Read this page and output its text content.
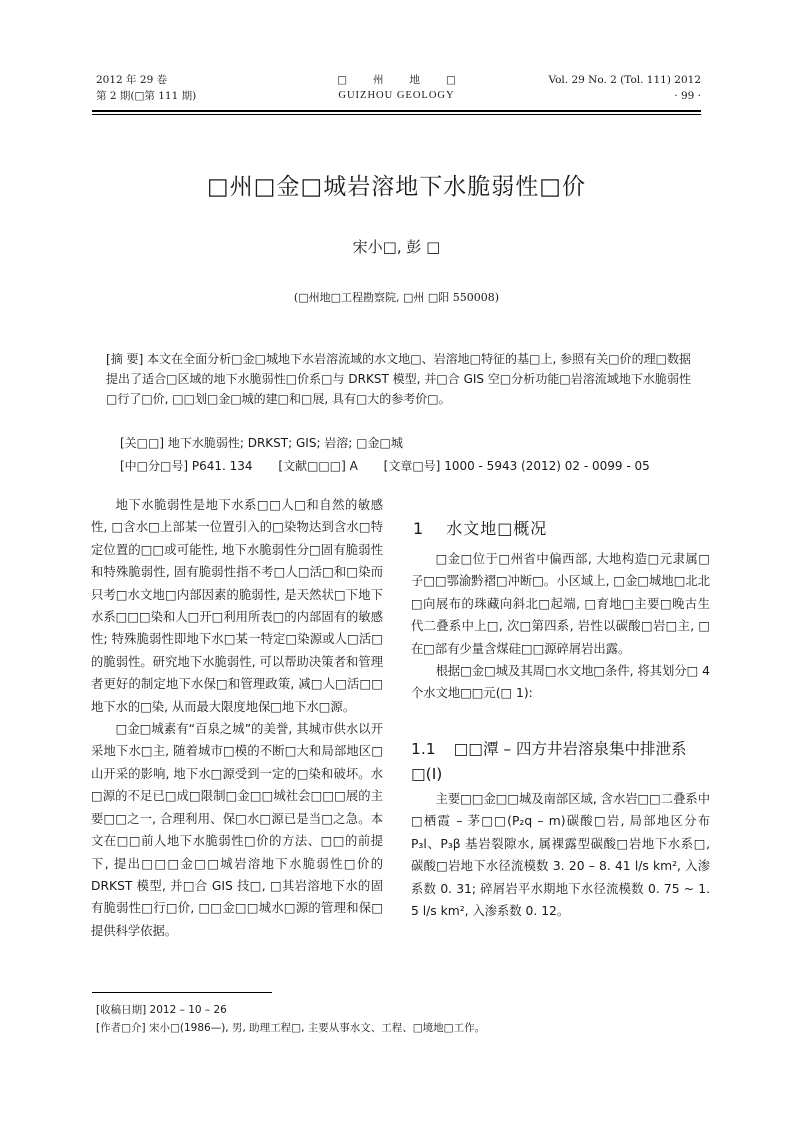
2012 年 29 卷
第 2 期(□第 111 期)
□州地□
GUIZHOU GEOLOGY
Vol. 29 No. 2 (Tol. 111) 2012
· 99 ·
□州□金□城岩溶地下水脆弱性□价
宋小□, 彭 □
(□州地□工程勘察院, □州 □阳 550008)
[摘 要] 本文在全面分析□金□城地下水岩溶流域的水文地□、岩溶地□特征的基□上, 参照有关□价的理□数据提出了适合□区域的地下水脆弱性□价系□与 DRKST 模型, 并□合 GIS 空□分析功能□岩溶流域地下水脆弱性□行了□价, □□划□金□城的建□和□展, 具有□大的参考价□。
[关□□] 地下水脆弱性; DRKST; GIS; 岩溶; □金□城
[中□分□号] P641. 134 [文献□□□] A [文章□号] 1000 - 5943 (2012) 02 - 0099 - 05

地下水脆弱性是地下水系□□人□和自然的敏感性, □含水□上部某一位置引入的□染物达到含水□特定位置的□□或可能性, 地下水脆弱性分□固有脆弱性和特殊脆弱性, 固有脆弱性指不考□人□活□和□染而只考□水文地□内部因素的脆弱性, 是天然状□下地下水系□□□染和人□开□利用所表□的内部固有的敏感性; 特殊脆弱性即地下水□某一特定□染源或人□活□的脆弱性。研究地下水脆弱性, 可以帮助决策者和管理者更好的制定地下水保□和管理政策, 减□人□活□□地下水的□染, 从而最大限度地保□地下水□源。

□金□城素有“百泉之城”的美誉, 其城市供水以开采地下水□主, 随着城市□模的不断□大和局部地区□山开采的影响, 地下水□源受到一定的□染和破坏。水□源的不足已□成□限制□金□□城社会□□□展的主要□□之一, 合理利用、保□水□源已是当□之急。本文在□□前人地下水脆弱性□价的方法、□□的前提下, 提出□□□金□□城岩溶地下水脆弱性□价的 DRKST 模型, 并□合 GIS 技□, □其岩溶地下水的固有脆弱性□行□价, □□金□□城水□源的管理和保□提供科学依据。

1 水文地□概况

□金□位于□州省中偏西部, 大地构造□元隶属□子□□鄂渝黔褶□冲断□。小区域上, □金□城地□北北□向展布的珠藏向斜北□起端, □育地□主要□晚古生代二叠系中上□, 次□第四系, 岩性以碳酸□岩□主, □在□部有少量含煤硅□□源碎屑岩出露。

根据□金□城及其周□水文地□条件, 将其划分□ 4 个水文地□□元(□ 1):

1.1 □□潭 – 四方井岩溶泉集中排泄系□(Ⅰ)

主要□□金□□城及南部区域, 含水岩□□二叠系中□栖霞 – 茅□□(P₂q – m)碳酸□岩, 局部地区分布 P₃l、P₃β 基岩裂隙水, 属裸露型碳酸□岩地下水系□, 碳酸□岩地下水径流模数 3. 20 – 8. 41 l/s km², 入渗系数 0. 31; 碎屑岩平水期地下水径流模数 0. 75 ~ 1. 5 l/s km², 入渗系数 0. 12。

[收稿日期] 2012 – 10 – 26
[作者□介] 宋小□(1986—), 男, 助理工程□, 主要从事水文、工程、□境地□工作。
